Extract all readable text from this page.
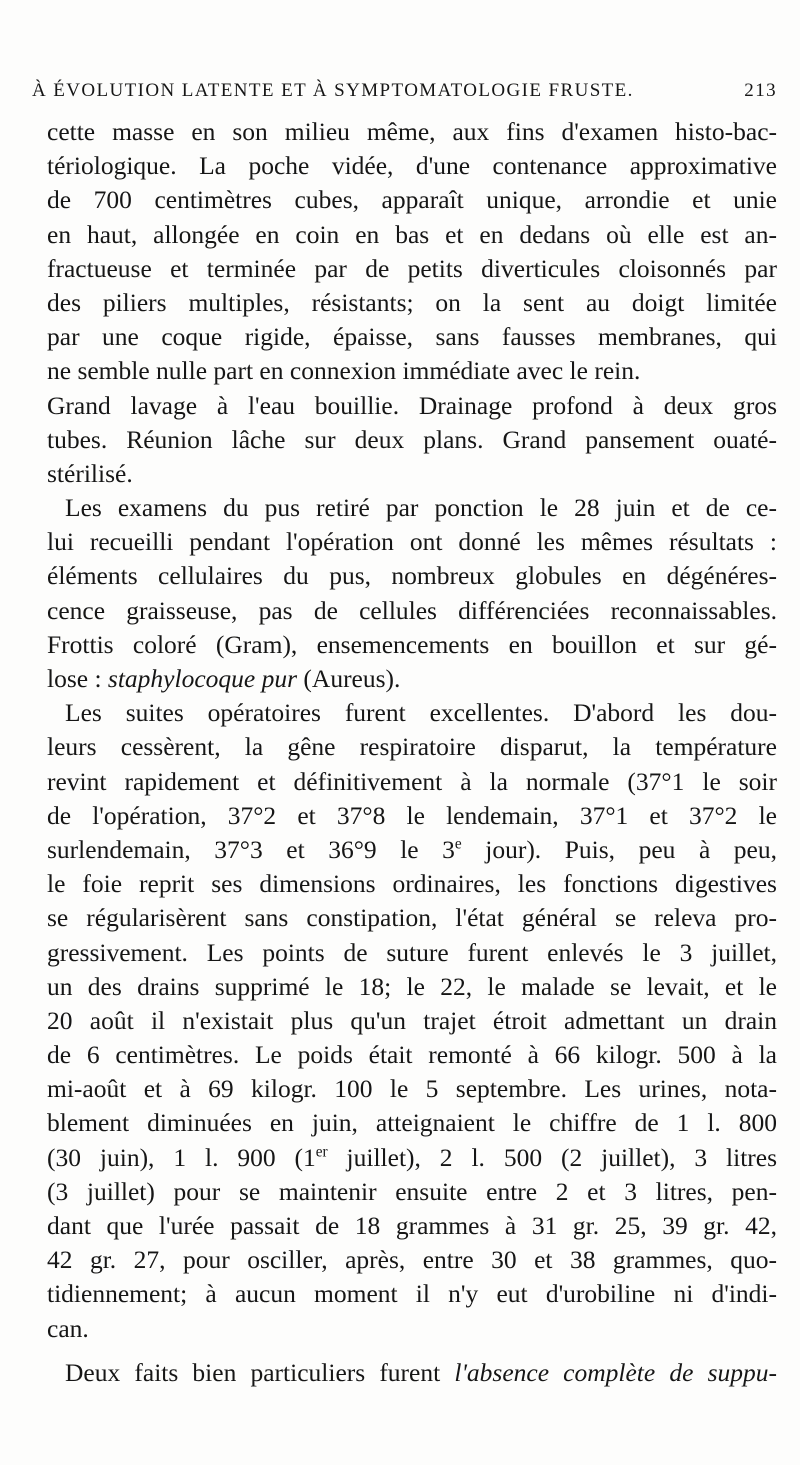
À ÉVOLUTION LATENTE ET À SYMPTOMATOLOGIE FRUSTE.	213
cette masse en son milieu même, aux fins d'examen histo-bac-
tériologique. La poche vidée, d'une contenance approximative
de 700 centimètres cubes, apparaît unique, arrondie et unie
en haut, allongée en coin en bas et en dedans où elle est an-
fractueuse et terminée par de petits diverticules cloisonnés par
des piliers multiples, résistants; on la sent au doigt limitée
par une coque rigide, épaisse, sans fausses membranes, qui
ne semble nulle part en connexion immédiate avec le rein.
Grand lavage à l'eau bouillie. Drainage profond à deux gros
tubes. Réunion lâche sur deux plans. Grand pansement ouaté-
stérilisé.
Les examens du pus retiré par ponction le 28 juin et de ce-
lui recueilli pendant l'opération ont donné les mêmes résultats :
éléments cellulaires du pus, nombreux globules en dégénéres-
cence graisseuse, pas de cellules différenciées reconnaissables.
Frottis coloré (Gram), ensemencements en bouillon et sur gé-
lose : staphylocoque pur (Aureus).
Les suites opératoires furent excellentes. D'abord les dou-
leurs cessèrent, la gêne respiratoire disparut, la température
revint rapidement et définitivement à la normale (37°1 le soir
de l'opération, 37°2 et 37°8 le lendemain, 37°1 et 37°2 le
surlendemain, 37°3 et 36°9 le 3e jour). Puis, peu à peu,
le foie reprit ses dimensions ordinaires, les fonctions digestives
se régularisèrent sans constipation, l'état général se releva pro-
gressivement. Les points de suture furent enlevés le 3 juillet,
un des drains supprimé le 18; le 22, le malade se levait, et le
20 août il n'existait plus qu'un trajet étroit admettant un drain
de 6 centimètres. Le poids était remonté à 66 kilogr. 500 à la
mi-août et à 69 kilogr. 100 le 5 septembre. Les urines, nota-
blement diminuées en juin, atteignaient le chiffre de 1 l. 800
(30 juin), 1 l. 900 (1er juillet), 2 l. 500 (2 juillet), 3 litres
(3 juillet) pour se maintenir ensuite entre 2 et 3 litres, pen-
dant que l'urée passait de 18 grammes à 31 gr. 25, 39 gr. 42,
42 gr. 27, pour osciller, après, entre 30 et 38 grammes, quo-
tidiennement; à aucun moment il n'y eut d'urobiline ni d'indi-
can.
Deux faits bien particuliers furent l'absence complète de suppu-
